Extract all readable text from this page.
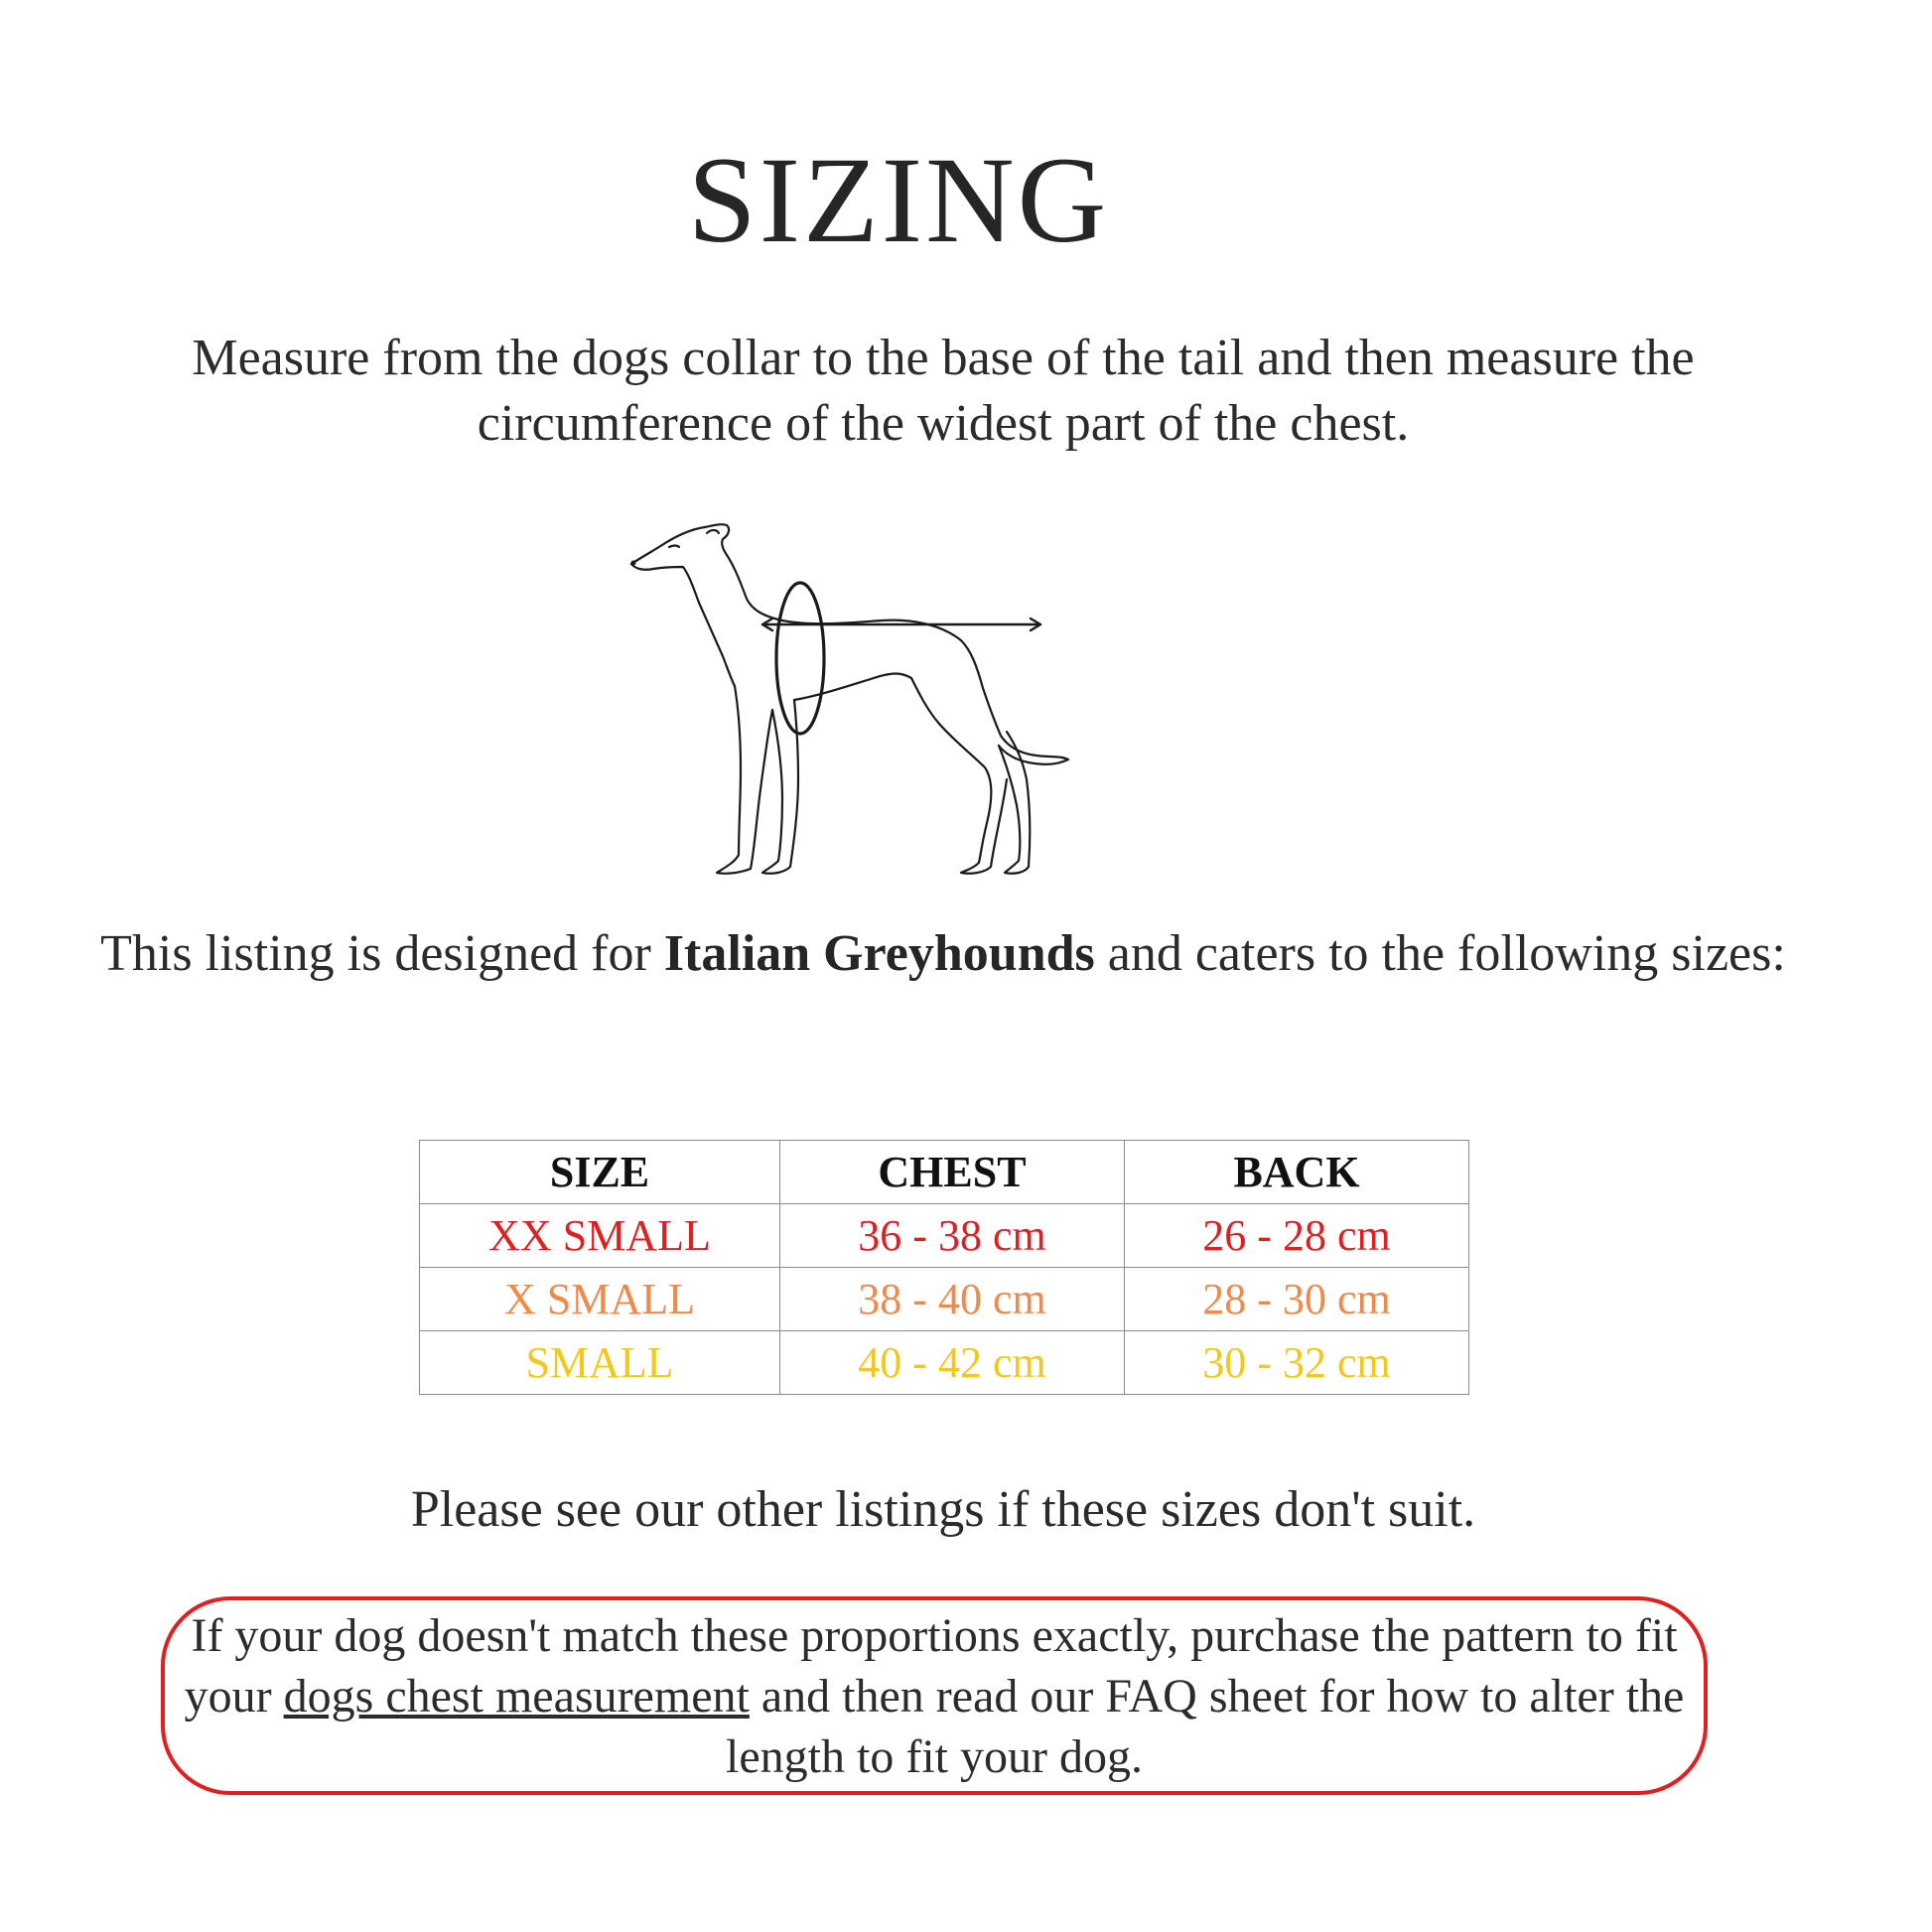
SIZING

Measure from the dogs collar to the base of the tail and then measure the circumference of the widest part of the chest.

This listing is designed for Italian Greyhounds and caters to the following sizes:

SIZE	CHEST	BACK
XX SMALL	36 - 38 cm	26 - 28 cm
X SMALL	38 - 40 cm	28 - 30 cm
SMALL	40 - 42 cm	30 - 32 cm

Please see our other listings if these sizes don't suit.

If your dog doesn't match these proportions exactly, purchase the pattern to fit your dogs chest measurement and then read our FAQ sheet for how to alter the length to fit your dog.
